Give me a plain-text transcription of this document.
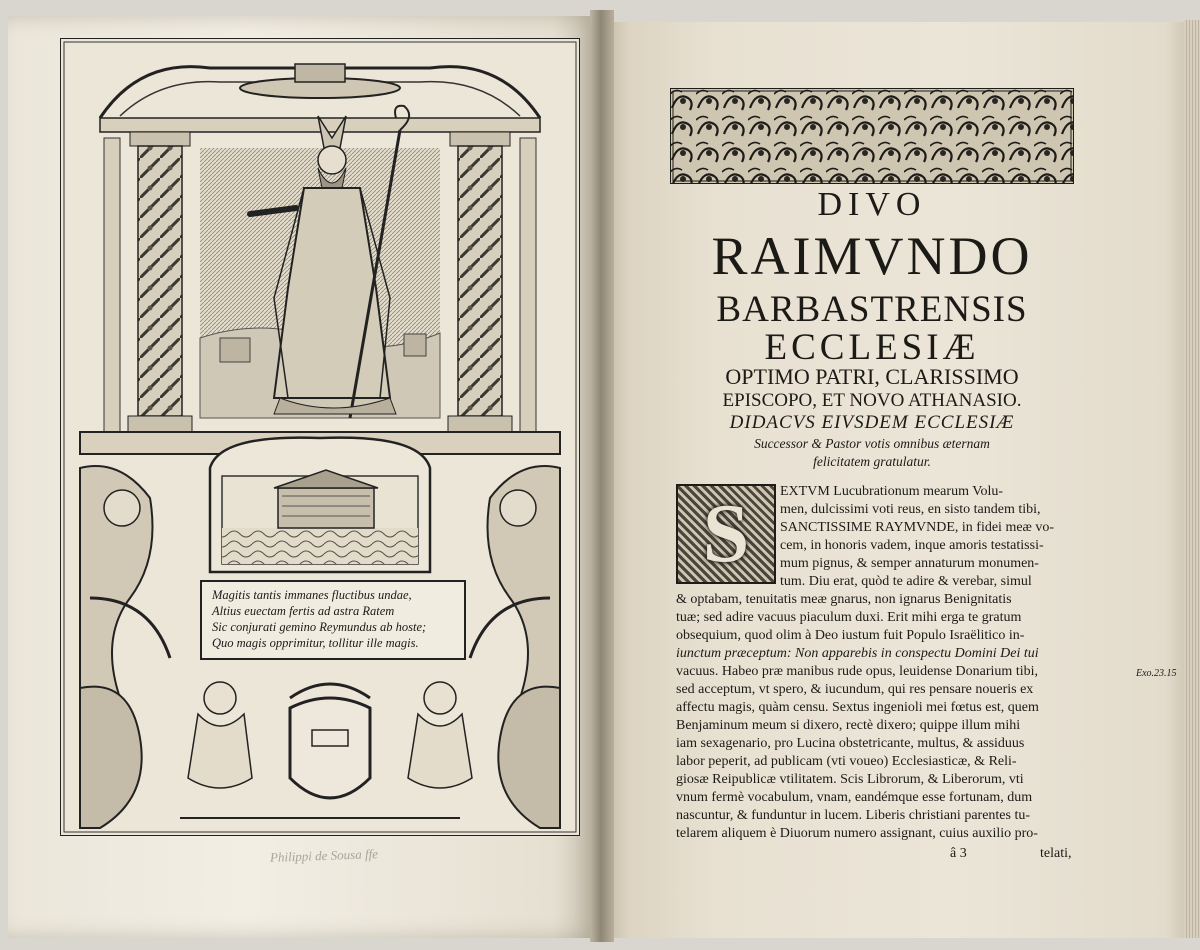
Magitis tantis immanes fluctibus undae,
Altius euectam fertis ad astra Ratem
Sic conjurati gemino Reymundus ab hoste;
Quo magis opprimitur, tollitur ille magis.
Philippi de Sousa ffe
DIVO
RAIMVNDO
BARBASTRENSIS
ECCLESIÆ
OPTIMO PATRI, CLARISSIMO
EPISCOPO, ET NOVO ATHANASIO.
DIDACVS EIVSDEM ECCLESIÆ
Successor & Pastor votis omnibus æternam
felicitatem gratulatur.
S	EXTVM Lucubrationum mearum Volu-
men, dulcissimi voti reus, en sisto tandem tibi,
SANCTISSIME RAYMVNDE, in fidei meæ vo-
cem, in honoris vadem, inque amoris testatissi-
mum pignus, & semper annaturum monumen-
tum. Diu erat, quòd te adire & verebar, simul
& optabam, tenuitatis meæ gnarus, non ignarus Benignitatis
tuæ; sed adire vacuus piaculum duxi. Erit mihi erga te gratum
obsequium, quod olim à Deo iustum fuit Populo Israëlitico in-
iunctum præceptum: Non apparebis in conspectu Domini Dei tui
vacuus. Habeo præ manibus rude opus, leuidense Donarium tibi,
sed acceptum, vt spero, & iucundum, qui res pensare noueris ex
affectu magis, quàm censu. Sextus ingenioli mei fœtus est, quem
Benjaminum meum si dixero, rectè dixero; quippe illum mihi
iam sexagenario, pro Lucina obstetricante, multus, & assiduus
labor peperit, ad publicam (vti voueo) Ecclesiasticæ, & Reli-
giosæ Reipublicæ vtilitatem. Scis Librorum, & Liberorum, vti
vnum fermè vocabulum, vnam, eandémque esse fortunam, dum
nascuntur, & funduntur in lucem. Liberis christiani parentes tu-
telarem aliquem è Diuorum numero assignant, cuius auxilio pro-
Exo.23.15
â 3	telati,
